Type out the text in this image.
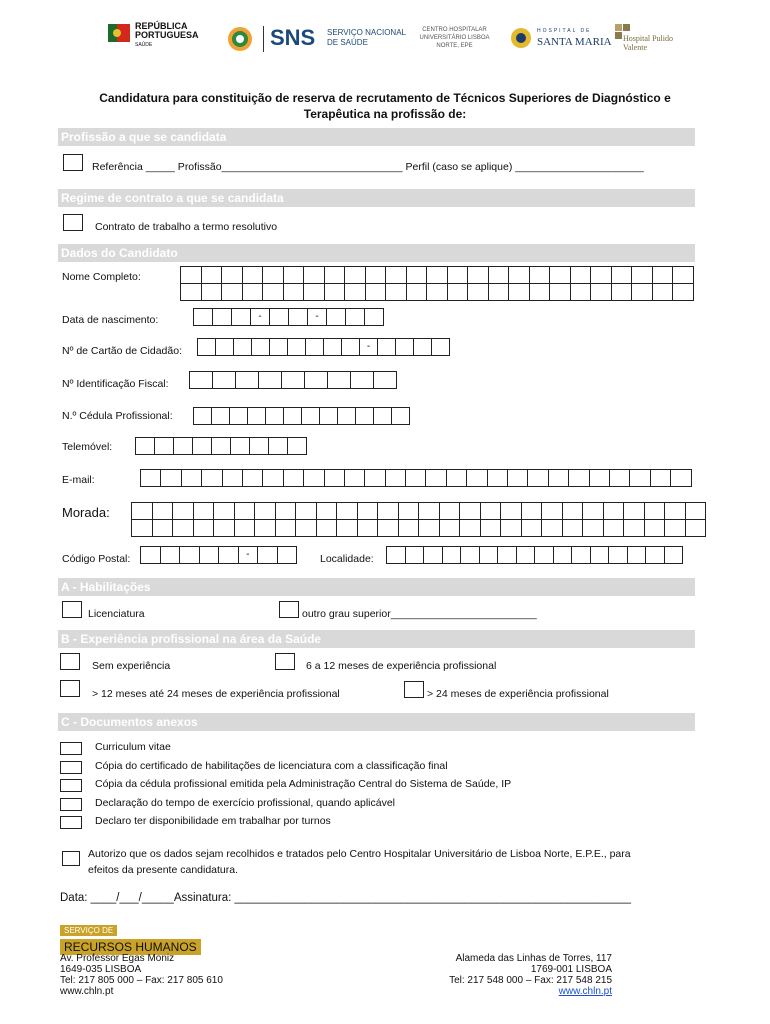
REPÚBLICA PORTUGUESA
SAÚDE	SNS SERVIÇO NACIONAL DE SAÚDE
CENTRO HOSPITALAR UNIVERSITÁRIO LISBOA NORTE, EPE
HOSPITAL DE
SANTA MARIA Hospital Pulido Valente
Candidatura para constituição de reserva de recrutamento de Técnicos Superiores de Diagnóstico e
Terapêutica na profissão de:
Profissão a que se candidata
Referência _____ Profissão_______________________________ Perfil (caso se aplique) ______________________
Regime de contrato a que se candidata
Contrato de trabalho a termo resolutivo
Dados do Candidato
Nome Completo:

Data de nascimento:
				-			-			
Nº de Cartão de Cidadão:
										-				
Nº Identificação Fiscal:

N.º Cédula Profissional:

Telemóvel:

E-mail:

Morada:

Código Postal:
						-			Localidade:

A - Habilitações
Licenciatura	outro grau superior_________________________
B - Experiência profissional na área da Saúde
Sem experiência	6 a 12 meses de experiência profissional
> 12 meses até 24 meses de experiência profissional	> 24 meses de experiência profissional
C - Documentos anexos
Curriculum vitae
Cópia do certificado de habilitações de licenciatura com a classificação final
Cópia da cédula profissional emitida pela Administração Central do Sistema de Saúde, IP
Declaração do tempo de exercício profissional, quando aplicável
Declaro ter disponibilidade em trabalhar por turnos
Autorizo que os dados sejam recolhidos e tratados pelo Centro Hospitalar Universitário de Lisboa Norte, E.P.E., para
efeitos da presente candidatura.
Data: ____/___/_____Assinatura: ______________________________________________________________
SERVIÇO DE
RECURSOS HUMANOS
Av. Professor Egas Moniz
1649-035 LISBOA
Tel: 217 805 000 – Fax: 217 805 610
www.chln.pt
Alameda das Linhas de Torres, 117
1769-001 LISBOA
Tel: 217 548 000 – Fax: 217 548 215
www.chln.pt
